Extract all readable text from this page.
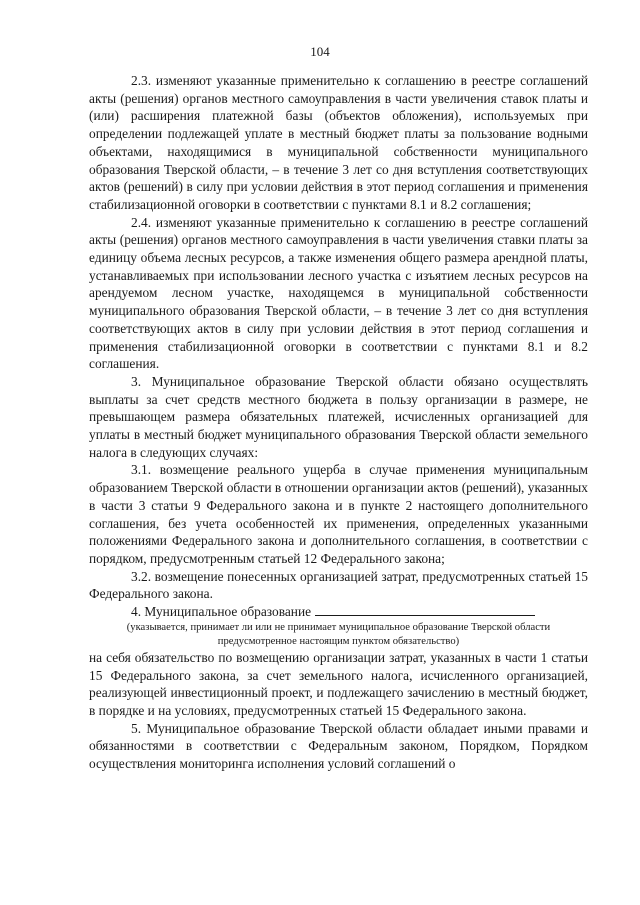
104

2.3. изменяют указанные применительно к соглашению в реестре соглашений акты (решения) органов местного самоуправления в части увеличения ставок платы и (или) расширения платежной базы (объектов обложения), используемых при определении подлежащей уплате в местный бюджет платы за пользование водными объектами, находящимися в муниципальной собственности муниципального образования Тверской области, – в течение 3 лет со дня вступления соответствующих актов (решений) в силу при условии действия в этот период соглашения и применения стабилизационной оговорки в соответствии с пунктами 8.1 и 8.2 соглашения;

2.4. изменяют указанные применительно к соглашению в реестре соглашений акты (решения) органов местного самоуправления в части увеличения ставки платы за единицу объема лесных ресурсов, а также изменения общего размера арендной платы, устанавливаемых при использовании лесного участка с изъятием лесных ресурсов на арендуемом лесном участке, находящемся в муниципальной собственности муниципального образования Тверской области, – в течение 3 лет со дня вступления соответствующих актов в силу при условии действия в этот период соглашения и применения стабилизационной оговорки в соответствии с пунктами 8.1 и 8.2 соглашения.

3. Муниципальное образование Тверской области обязано осуществлять выплаты за счет средств местного бюджета в пользу организации в размере, не превышающем размера обязательных платежей, исчисленных организацией для уплаты в местный бюджет муниципального образования Тверской области земельного налога в следующих случаях:

3.1. возмещение реального ущерба в случае применения муниципальным образованием Тверской области в отношении организации актов (решений), указанных в части 3 статьи 9 Федерального закона и в пункте 2 настоящего дополнительного соглашения, без учета особенностей их применения, определенных указанными положениями Федерального закона и дополнительного соглашения, в соответствии с порядком, предусмотренным статьей 12 Федерального закона;

3.2. возмещение понесенных организацией затрат, предусмотренных статьей 15 Федерального закона.

4. Муниципальное образование

(указывается, принимает ли или не принимает муниципальное образование Тверской области предусмотренное настоящим пунктом обязательство)

на себя обязательство по возмещению организации затрат, указанных в части 1 статьи 15 Федерального закона, за счет земельного налога, исчисленного организацией, реализующей инвестиционный проект, и подлежащего зачислению в местный бюджет, в порядке и на условиях, предусмотренных статьей 15 Федерального закона.

5. Муниципальное образование Тверской области обладает иными правами и обязанностями в соответствии с Федеральным законом, Порядком, Порядком осуществления мониторинга исполнения условий соглашений о
